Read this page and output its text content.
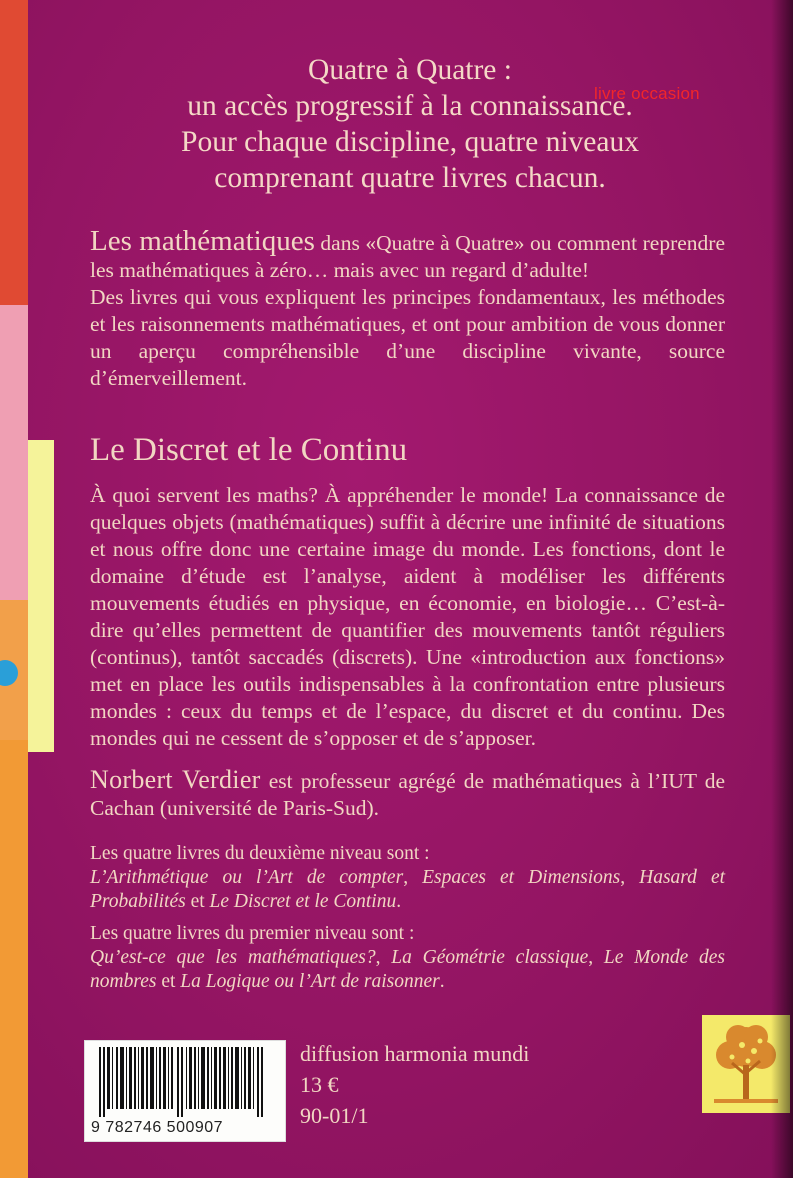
livre occasion
Quatre à Quatre :
un accès progressif à la connaissance.
Pour chaque discipline, quatre niveaux
comprenant quatre livres chacun.
Les mathématiques dans «Quatre à Quatre» ou comment reprendre les mathématiques à zéro… mais avec un regard d’adulte!
Des livres qui vous expliquent les principes fondamentaux, les méthodes et les raisonnements mathématiques, et ont pour ambition de vous donner un aperçu compréhensible d’une discipline vivante, source d’émerveillement.
Le Discret et le Continu
À quoi servent les maths? À appréhender le monde! La connaissance de quelques objets (mathématiques) suffit à décrire une infinité de situations et nous offre donc une certaine image du monde. Les fonctions, dont le domaine d’étude est l’analyse, aident à modéliser les différents mouvements étudiés en physique, en économie, en biologie… C’est-à-dire qu’elles permettent de quantifier des mouvements tantôt réguliers (continus), tantôt saccadés (discrets). Une «introduction aux fonctions» met en place les outils indispensables à la confrontation entre plusieurs mondes : ceux du temps et de l’espace, du discret et du continu. Des mondes qui ne cessent de s’opposer et de s’apposer.
Norbert Verdier est professeur agrégé de mathématiques à l’IUT de Cachan (université de Paris-Sud).
Les quatre livres du deuxième niveau sont :
L’Arithmétique ou l’Art de compter, Espaces et Dimensions, Hasard et Probabilités et Le Discret et le Continu.
Les quatre livres du premier niveau sont :
Qu’est-ce que les mathématiques?, La Géométrie classique, Le Monde des nombres et La Logique ou l’Art de raisonner.
9 782746 500907
diffusion harmonia mundi
13 €
90-01/1
